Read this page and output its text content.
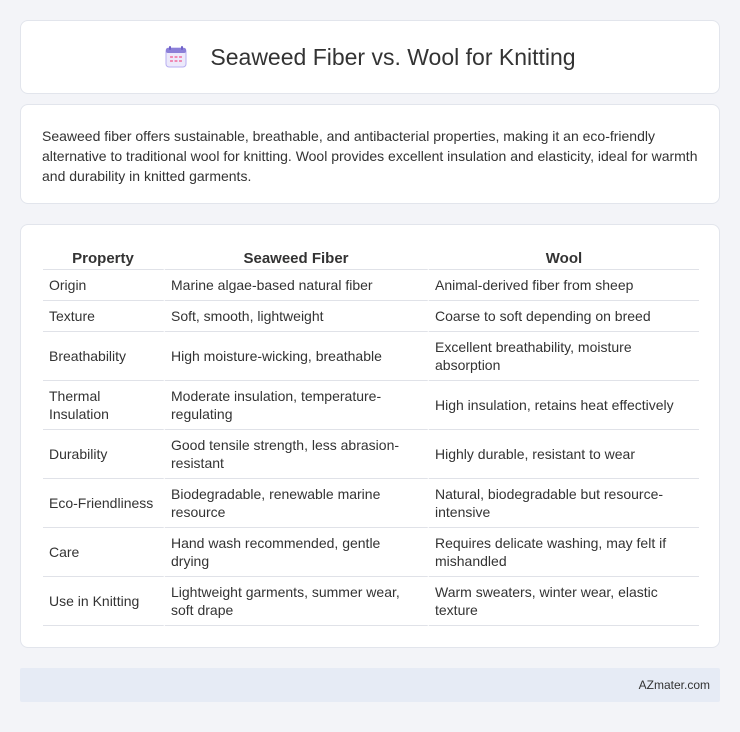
Seaweed Fiber vs. Wool for Knitting

Seaweed fiber offers sustainable, breathable, and antibacterial properties, making it an eco-friendly alternative to traditional wool for knitting. Wool provides excellent insulation and elasticity, ideal for warmth and durability in knitted garments.

Property	Seaweed Fiber	Wool
Origin	Marine algae-based natural fiber	Animal-derived fiber from sheep
Texture	Soft, smooth, lightweight	Coarse to soft depending on breed
Breathability	High moisture-wicking, breathable	Excellent breathability, moisture absorption
Thermal Insulation	Moderate insulation, temperature-regulating	High insulation, retains heat effectively
Durability	Good tensile strength, less abrasion-resistant	Highly durable, resistant to wear
Eco-Friendliness	Biodegradable, renewable marine resource	Natural, biodegradable but resource-intensive
Care	Hand wash recommended, gentle drying	Requires delicate washing, may felt if mishandled
Use in Knitting	Lightweight garments, summer wear, soft drape	Warm sweaters, winter wear, elastic texture
AZmater.com
